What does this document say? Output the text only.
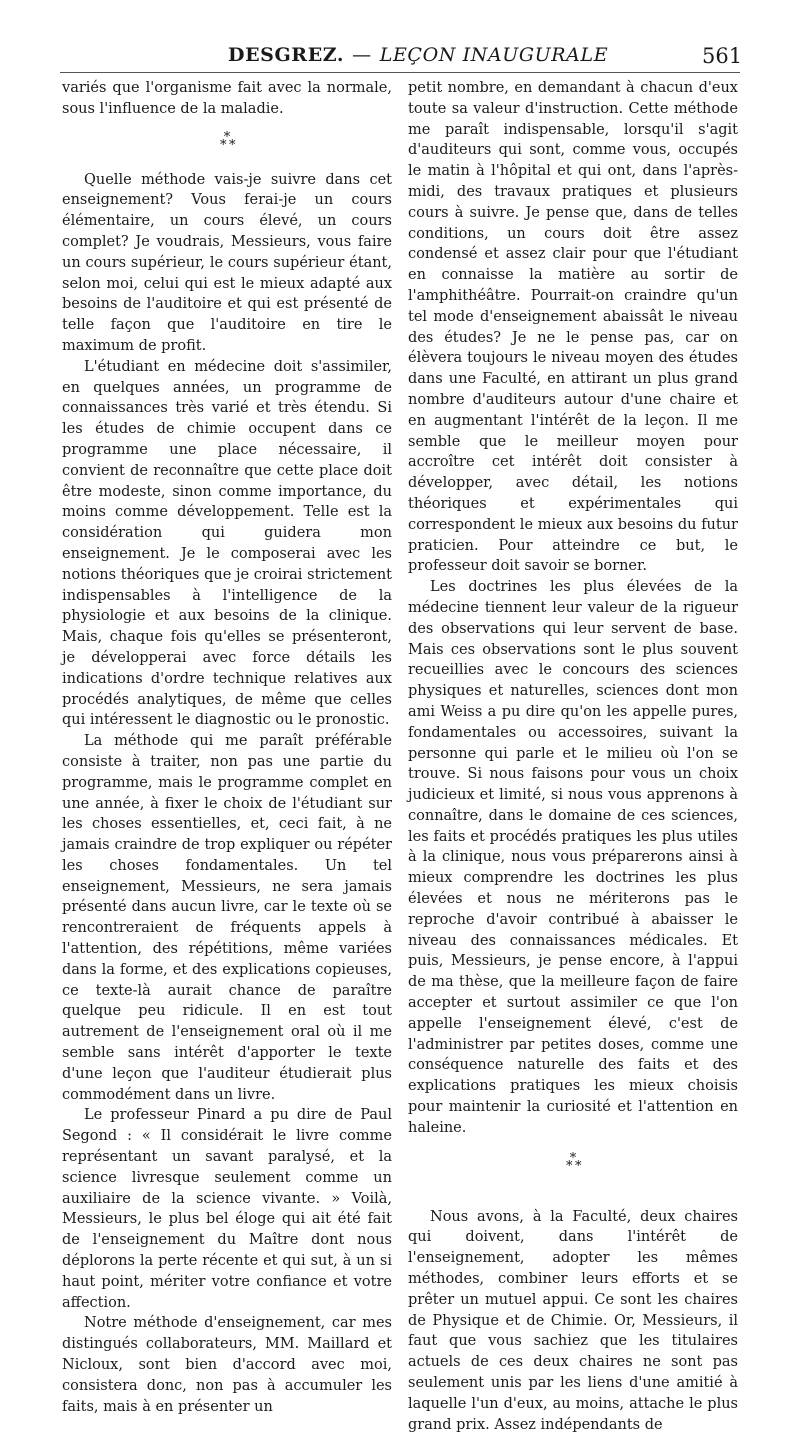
DESGREZ. — LEÇON INAUGURALE	561

variés que l'organisme fait avec la normale, sous l'influence de la maladie.

*
* *

Quelle méthode vais-je suivre dans cet enseignement? Vous ferai-je un cours élémentaire, un cours élevé, un cours complet? Je voudrais, Messieurs, vous faire un cours supérieur, le cours supérieur étant, selon moi, celui qui est le mieux adapté aux besoins de l'auditoire et qui est présenté de telle façon que l'auditoire en tire le maximum de profit.

L'étudiant en médecine doit s'assimiler, en quelques années, un programme de connaissances très varié et très étendu. Si les études de chimie occupent dans ce programme une place nécessaire, il convient de reconnaître que cette place doit être modeste, sinon comme importance, du moins comme développement. Telle est la considération qui guidera mon enseignement. Je le composerai avec les notions théoriques que je croirai strictement indispensables à l'intelligence de la physiologie et aux besoins de la clinique. Mais, chaque fois qu'elles se présenteront, je développerai avec force détails les indications d'ordre technique relatives aux procédés analytiques, de même que celles qui intéressent le diagnostic ou le pronostic.

La méthode qui me paraît préférable consiste à traiter, non pas une partie du programme, mais le programme complet en une année, à fixer le choix de l'étudiant sur les choses essentielles, et, ceci fait, à ne jamais craindre de trop expliquer ou répéter les choses fondamentales. Un tel enseignement, Messieurs, ne sera jamais présenté dans aucun livre, car le texte où se rencontreraient de fréquents appels à l'attention, des répétitions, même variées dans la forme, et des explications copieuses, ce texte-là aurait chance de paraître quelque peu ridicule. Il en est tout autrement de l'enseignement oral où il me semble sans intérêt d'apporter le texte d'une leçon que l'auditeur étudierait plus commodément dans un livre.

Le professeur Pinard a pu dire de Paul Segond : « Il considérait le livre comme représentant un savant paralysé, et la science livresque seulement comme un auxiliaire de la science vivante. » Voilà, Messieurs, le plus bel éloge qui ait été fait de l'enseignement du Maître dont nous déplorons la perte récente et qui sut, à un si haut point, mériter votre confiance et votre affection.

Notre méthode d'enseignement, car mes distingués collaborateurs, MM. Maillard et Nicloux, sont bien d'accord avec moi, consistera donc, non pas à accumuler les faits, mais à en présenter un

petit nombre, en demandant à chacun d'eux toute sa valeur d'instruction. Cette méthode me paraît indispensable, lorsqu'il s'agit d'auditeurs qui sont, comme vous, occupés le matin à l'hôpital et qui ont, dans l'après-midi, des travaux pratiques et plusieurs cours à suivre. Je pense que, dans de telles conditions, un cours doit être assez condensé et assez clair pour que l'étudiant en connaisse la matière au sortir de l'amphithéâtre. Pourrait-on craindre qu'un tel mode d'enseignement abaissât le niveau des études? Je ne le pense pas, car on élèvera toujours le niveau moyen des études dans une Faculté, en attirant un plus grand nombre d'auditeurs autour d'une chaire et en augmentant l'intérêt de la leçon. Il me semble que le meilleur moyen pour accroître cet intérêt doit consister à développer, avec détail, les notions théoriques et expérimentales qui correspondent le mieux aux besoins du futur praticien. Pour atteindre ce but, le professeur doit savoir se borner.

Les doctrines les plus élevées de la médecine tiennent leur valeur de la rigueur des observations qui leur servent de base. Mais ces observations sont le plus souvent recueillies avec le concours des sciences physiques et naturelles, sciences dont mon ami Weiss a pu dire qu'on les appelle pures, fondamentales ou accessoires, suivant la personne qui parle et le milieu où l'on se trouve. Si nous faisons pour vous un choix judicieux et limité, si nous vous apprenons à connaître, dans le domaine de ces sciences, les faits et procédés pratiques les plus utiles à la clinique, nous vous préparerons ainsi à mieux comprendre les doctrines les plus élevées et nous ne mériterons pas le reproche d'avoir contribué à abaisser le niveau des connaissances médicales. Et puis, Messieurs, je pense encore, à l'appui de ma thèse, que la meilleure façon de faire accepter et surtout assimiler ce que l'on appelle l'enseignement élevé, c'est de l'administrer par petites doses, comme une conséquence naturelle des faits et des explications pratiques les mieux choisis pour maintenir la curiosité et l'attention en haleine.

*
* *

Nous avons, à la Faculté, deux chaires qui doivent, dans l'intérêt de l'enseignement, adopter les mêmes méthodes, combiner leurs efforts et se prêter un mutuel appui. Ce sont les chaires de Physique et de Chimie. Or, Messieurs, il faut que vous sachiez que les titulaires actuels de ces deux chaires ne sont pas seulement unis par les liens d'une amitié à laquelle l'un d'eux, au moins, attache le plus grand prix. Assez indépendants de
